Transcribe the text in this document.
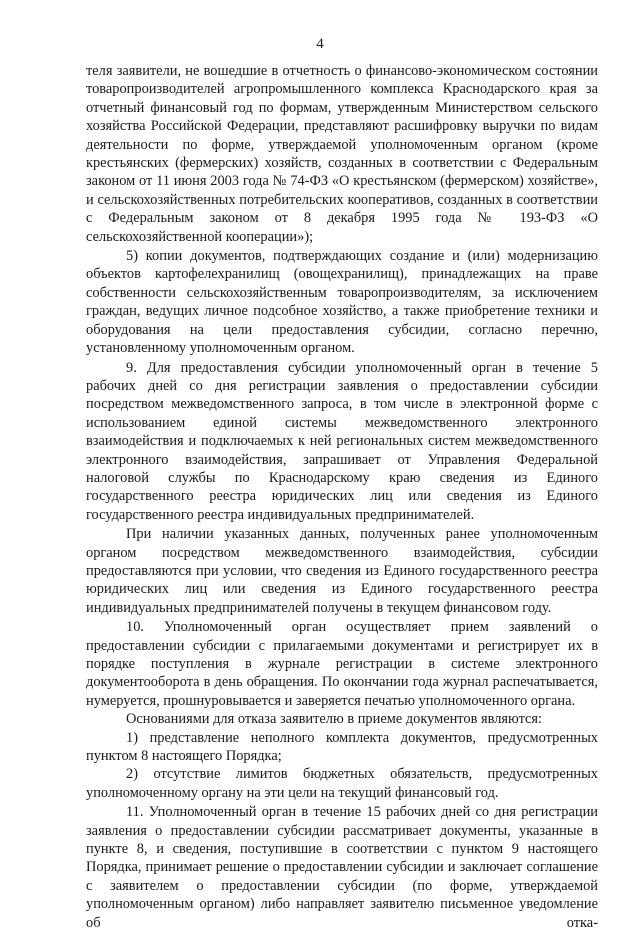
4

теля заявители, не вошедшие в отчетность о финансово-экономическом состоянии товаропроизводителей агропромышленного комплекса Краснодарского края за отчетный финансовый год по формам, утвержденным Министерством сельского хозяйства Российской Федерации, представляют расшифровку выручки по видам деятельности по форме, утверждаемой уполномоченным органом (кроме крестьянских (фермерских) хозяйств, созданных в соответствии с Федеральным законом от 11 июня 2003 года № 74-ФЗ «О крестьянском (фермерском) хозяйстве», и сельскохозяйственных потребительских кооперативов, созданных в соответствии с Федеральным законом от 8 декабря 1995 года № 193-ФЗ «О сельскохозяйственной кооперации»);

5) копии документов, подтверждающих создание и (или) модернизацию объектов картофелехранилищ (овощехранилищ), принадлежащих на праве собственности сельскохозяйственным товаропроизводителям, за исключением граждан, ведущих личное подсобное хозяйство, а также приобретение техники и оборудования на цели предоставления субсидии, согласно перечню, установленному уполномоченным органом.

9. Для предоставления субсидии уполномоченный орган в течение 5 рабочих дней со дня регистрации заявления о предоставлении субсидии посредством межведомственного запроса, в том числе в электронной форме с использованием единой системы межведомственного электронного взаимодействия и подключаемых к ней региональных систем межведомственного электронного взаимодействия, запрашивает от Управления Федеральной налоговой службы по Краснодарскому краю сведения из Единого государственного реестра юридических лиц или сведения из Единого государственного реестра индивидуальных предпринимателей.

При наличии указанных данных, полученных ранее уполномоченным органом посредством межведомственного взаимодействия, субсидии предоставляются при условии, что сведения из Единого государственного реестра юридических лиц или сведения из Единого государственного реестра индивидуальных предпринимателей получены в текущем финансовом году.

10. Уполномоченный орган осуществляет прием заявлений о предоставлении субсидии с прилагаемыми документами и регистрирует их в порядке поступления в журнале регистрации в системе электронного документооборота в день обращения. По окончании года журнал распечатывается, нумеруется, прошнуровывается и заверяется печатью уполномоченного органа.

Основаниями для отказа заявителю в приеме документов являются:

1) представление неполного комплекта документов, предусмотренных пунктом 8 настоящего Порядка;

2) отсутствие лимитов бюджетных обязательств, предусмотренных уполномоченному органу на эти цели на текущий финансовый год.

11. Уполномоченный орган в течение 15 рабочих дней со дня регистрации заявления о предоставлении субсидии рассматривает документы, указанные в пункте 8, и сведения, поступившие в соответствии с пунктом 9 настоящего Порядка, принимает решение о предоставлении субсидии и заключает соглашение с заявителем о предоставлении субсидии (по форме, утверждаемой уполномоченным органом) либо направляет заявителю письменное уведомление об отка-
